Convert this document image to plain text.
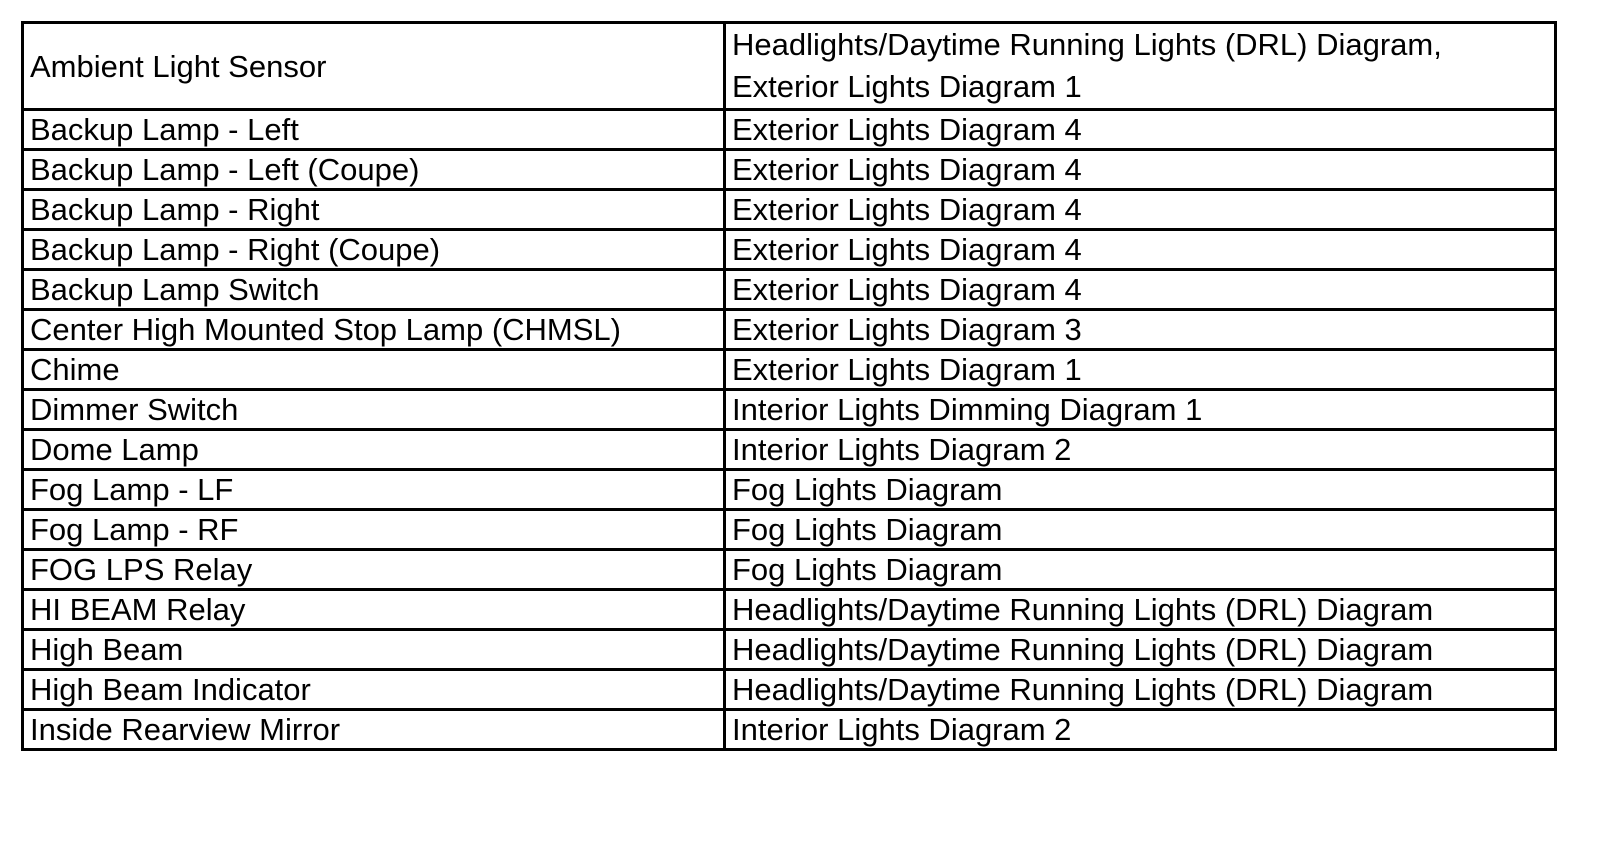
Ambient Light Sensor	Headlights/Daytime Running Lights (DRL) Diagram,
Exterior Lights Diagram 1

Backup Lamp - Left	Exterior Lights Diagram 4
Backup Lamp - Left (Coupe)	Exterior Lights Diagram 4
Backup Lamp - Right	Exterior Lights Diagram 4
Backup Lamp - Right (Coupe)	Exterior Lights Diagram 4
Backup Lamp Switch	Exterior Lights Diagram 4
Center High Mounted Stop Lamp (CHMSL)	Exterior Lights Diagram 3
Chime	Exterior Lights Diagram 1
Dimmer Switch	Interior Lights Dimming Diagram 1
Dome Lamp	Interior Lights Diagram 2
Fog Lamp - LF	Fog Lights Diagram
Fog Lamp - RF	Fog Lights Diagram
FOG LPS Relay	Fog Lights Diagram
HI BEAM Relay	Headlights/Daytime Running Lights (DRL) Diagram
High Beam	Headlights/Daytime Running Lights (DRL) Diagram
High Beam Indicator	Headlights/Daytime Running Lights (DRL) Diagram
Inside Rearview Mirror	Interior Lights Diagram 2
